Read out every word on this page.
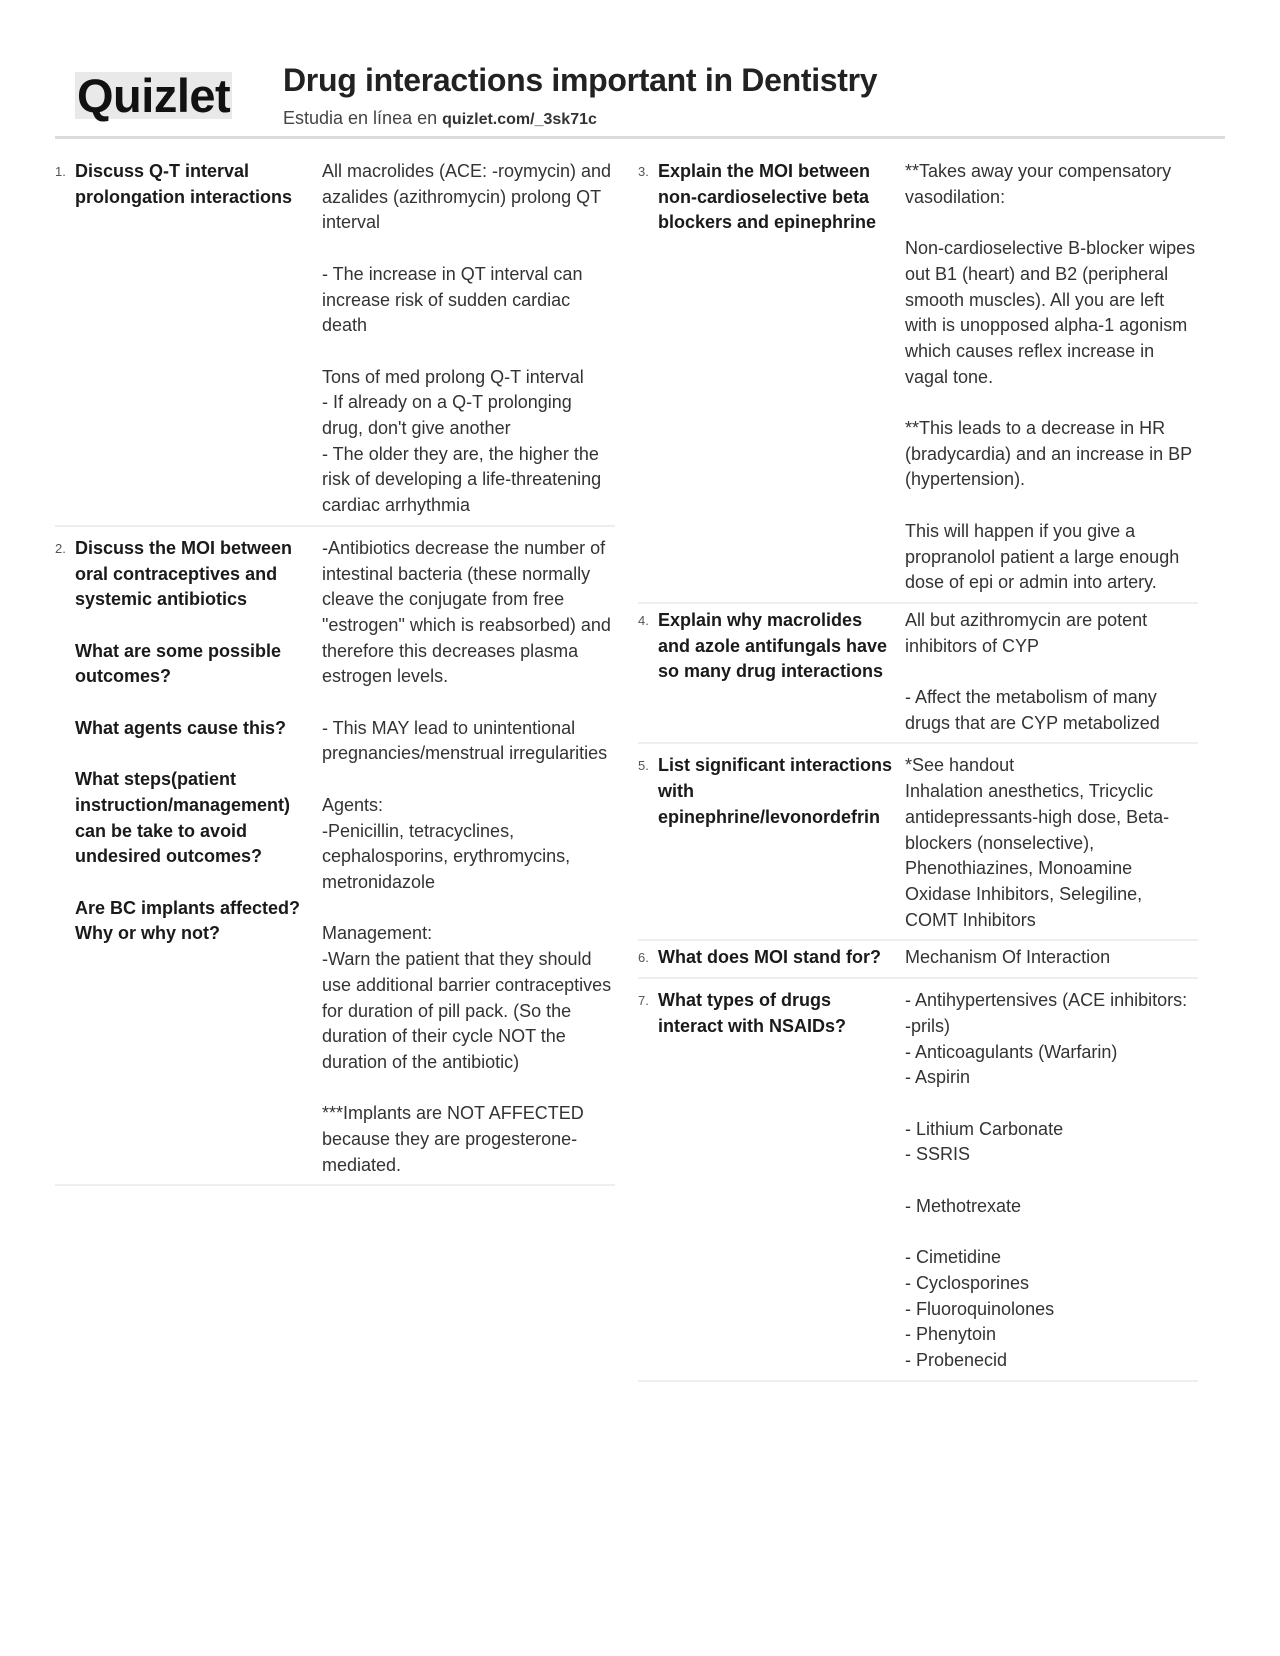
Quizlet Drug interactions important in Dentistry
Estudia en línea en quizlet.com/_3sk71c
1. Discuss Q-T interval prolongation interactions
All macrolides (ACE: -roymycin) and azalides (azithromycin) prolong QT interval

- The increase in QT interval can increase risk of sudden cardiac death

Tons of med prolong Q-T interval
- If already on a Q-T prolonging drug, don't give another
- The older they are, the higher the risk of developing a life-threatening cardiac arrhythmia
2. Discuss the MOI between oral contraceptives and systemic antibiotics

What are some possible outcomes?

What agents cause this?

What steps(patient instruction/management) can be take to avoid undesired outcomes?

Are BC implants affected? Why or why not?
-Antibiotics decrease the number of intestinal bacteria (these normally cleave the conjugate from free "estrogen" which is reabsorbed) and therefore this decreases plasma estrogen levels.

- This MAY lead to unintentional pregnancies/menstrual irregularities

Agents:
-Penicillin, tetracyclines, cephalosporins, erythromycins, metronidazole

Management:
-Warn the patient that they should use additional barrier contraceptives for duration of pill pack. (So the duration of their cycle NOT the duration of the antibiotic)

***Implants are NOT AFFECTED because they are progesterone-mediated.
3. Explain the MOI between non-cardioselective beta blockers and epinephrine
**Takes away your compensatory vasodilation:

Non-cardioselective B-blocker wipes out B1 (heart) and B2 (peripheral smooth muscles). All you are left with is unopposed alpha-1 agonism which causes reflex increase in vagal tone.

**This leads to a decrease in HR (bradycardia) and an increase in BP (hypertension).

This will happen if you give a propranolol patient a large enough dose of epi or admin into artery.
4. Explain why macrolides and azole antifungals have so many drug interactions
All but azithromycin are potent inhibitors of CYP

- Affect the metabolism of many drugs that are CYP metabolized
5. List significant interactions with epinephrine/levonordefrin
*See handout
Inhalation anesthetics, Tricyclic antidepressants-high dose, Beta-blockers (nonselective), Phenothiazines, Monoamine Oxidase Inhibitors, Selegiline, COMT Inhibitors
6. What does MOI stand for?	Mechanism Of Interaction
7. What types of drugs interact with NSAIDs?
- Antihypertensives (ACE inhibitors: -prils)
- Anticoagulants (Warfarin)
- Aspirin

- Lithium Carbonate
- SSRIS

- Methotrexate

- Cimetidine
- Cyclosporines
- Fluoroquinolones
- Phenytoin
- Probenecid
